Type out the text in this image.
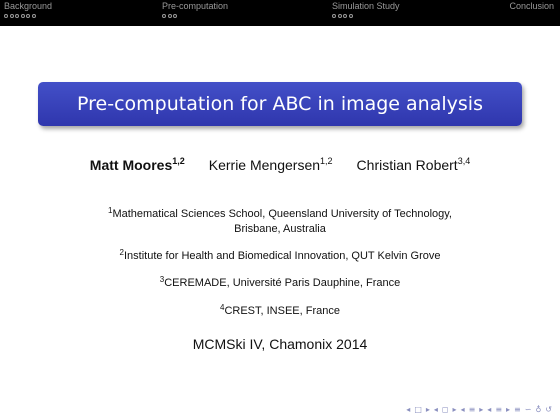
Background	Pre-computation	Simulation Study	Conclusion
Pre-computation for ABC in image analysis
Matt Moores$^{1,2}$ Kerrie Mengersen$^{1,2}$ Christian Robert$^{3,4}$
$^1$Mathematical Sciences School, Queensland University of Technology,
Brisbane, Australia
$^2$Institute for Health and Biomedical Innovation, QUT Kelvin Grove
$^3$CEREMADE, Université Paris Dauphine, France
$^4$CREST, INSEE, France
MCMSki IV, Chamonix 2014
◂ □ ▸ ◂ ◻ ▸ ◂ ≡ ▸ ◂ ≡ ▸ ≡ ∽ ♁ ↺
